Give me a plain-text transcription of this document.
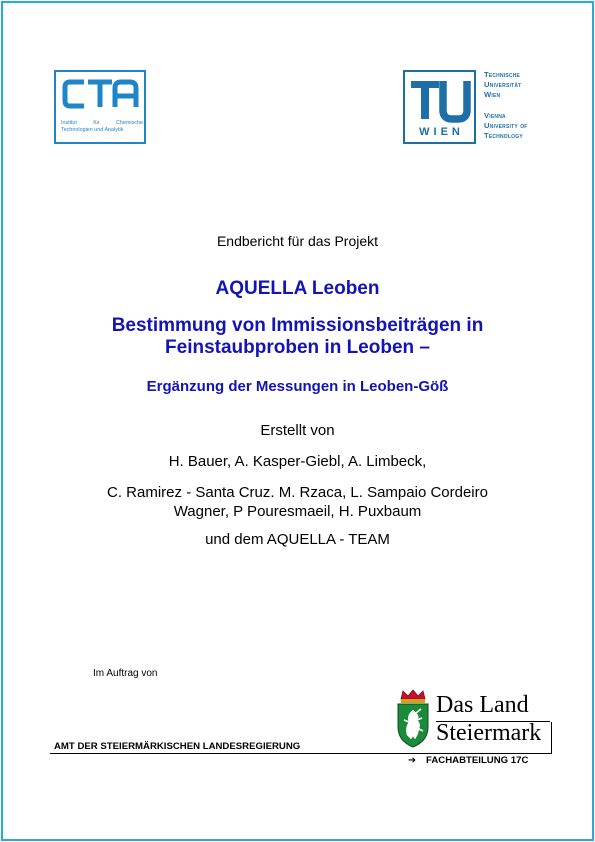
Institut für Chemische
Technologien und Analytik	WIEN
Technische
Universität
Wien
Vienna
University of
Technology
Endbericht für das Projekt
AQUELLA Leoben
Bestimmung von Immissionsbeiträgen in
Feinstaubproben in Leoben –
Ergänzung der Messungen in Leoben-Göß
Erstellt von
H. Bauer, A. Kasper-Giebl, A. Limbeck,
C. Ramirez - Santa Cruz. M. Rzaca, L. Sampaio Cordeiro
Wagner, P Pouresmaeil, H. Puxbaum
und dem AQUELLA - TEAM
Im Auftrag von
Das Land
Steiermark
AMT DER STEIERMÄRKISCHEN LANDESREGIERUNG
➔ FACHABTEILUNG 17C
